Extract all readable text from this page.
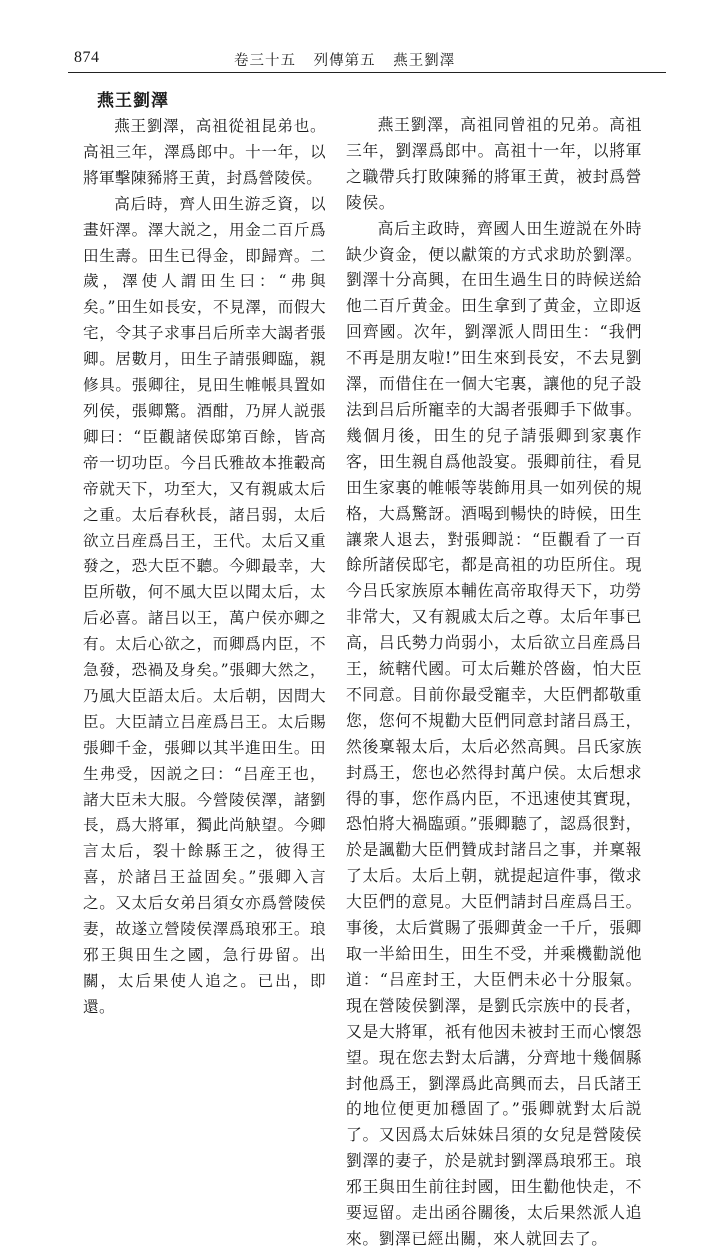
874	卷三十五 列傳第五 燕王劉澤
燕王劉澤

燕王劉澤，高祖從祖昆弟也。高祖三年，澤爲郎中。十一年，以將軍擊陳豨將王黄，封爲營陵侯。

高后時，齊人田生游乏資，以畫奸澤。澤大説之，用金二百斤爲田生壽。田生已得金，即歸齊。二歲，澤使人謂田生曰：“弗與矣。”田生如長安，不見澤，而假大宅，令其子求事吕后所幸大謁者張卿。居數月，田生子請張卿臨，親修具。張卿往，見田生帷帳具置如列侯，張卿驚。酒酣，乃屏人説張卿曰：“臣觀諸侯邸第百餘，皆高帝一切功臣。今吕氏雅故本推轂高帝就天下，功至大，又有親戚太后之重。太后春秋長，諸吕弱，太后欲立吕産爲吕王，王代。太后又重發之，恐大臣不聽。今卿最幸，大臣所敬，何不風大臣以聞太后，太后必喜。諸吕以王，萬户侯亦卿之有。太后心欲之，而卿爲内臣，不急發，恐禍及身矣。”張卿大然之，乃風大臣語太后。太后朝，因問大臣。大臣請立吕産爲吕王。太后賜張卿千金，張卿以其半進田生。田生弗受，因説之曰：“吕産王也，諸大臣未大服。今營陵侯澤，諸劉長，爲大將軍，獨此尚觖望。今卿言太后，裂十餘縣王之，彼得王喜，於諸吕王益固矣。”張卿入言之。又太后女弟吕須女亦爲營陵侯妻，故遂立營陵侯澤爲琅邪王。琅邪王與田生之國，急行毋留。出關，太后果使人追之。已出，即還。

燕王劉澤，高祖同曾祖的兄弟。高祖三年，劉澤爲郎中。高祖十一年，以將軍之職帶兵打敗陳豨的將軍王黄，被封爲營陵侯。

高后主政時，齊國人田生遊説在外時缺少資金，便以獻策的方式求助於劉澤。劉澤十分高興，在田生過生日的時候送給他二百斤黄金。田生拿到了黄金，立即返回齊國。次年，劉澤派人問田生：“我們不再是朋友啦!”田生來到長安，不去見劉澤，而借住在一個大宅裏，讓他的兒子設法到吕后所寵幸的大謁者張卿手下做事。幾個月後，田生的兒子請張卿到家裏作客，田生親自爲他設宴。張卿前往，看見田生家裏的帷帳等裝飾用具一如列侯的規格，大爲驚訝。酒喝到暢快的時候，田生讓衆人退去，對張卿説：“臣觀看了一百餘所諸侯邸宅，都是高祖的功臣所住。現今吕氏家族原本輔佐高帝取得天下，功勞非常大，又有親戚太后之尊。太后年事已高，吕氏勢力尚弱小，太后欲立吕産爲吕王，統轄代國。可太后難於啓齒，怕大臣不同意。目前你最受寵幸，大臣們都敬重您，您何不規勸大臣們同意封諸吕爲王，然後稟報太后，太后必然高興。吕氏家族封爲王，您也必然得封萬户侯。太后想求得的事，您作爲内臣，不迅速使其實現，恐怕將大禍臨頭。”張卿聽了，認爲很對，於是諷勸大臣們贊成封諸吕之事，并稟報了太后。太后上朝，就提起這件事，徵求大臣們的意見。大臣們請封吕産爲吕王。事後，太后賞賜了張卿黄金一千斤，張卿取一半給田生，田生不受，并乘機勸説他道：“吕産封王，大臣們未必十分服氣。現在營陵侯劉澤，是劉氏宗族中的長者，又是大將軍，祇有他因未被封王而心懷怨望。現在您去對太后講，分齊地十幾個縣封他爲王，劉澤爲此高興而去，吕氏諸王的地位便更加穩固了。”張卿就對太后説了。又因爲太后妹妹吕須的女兒是營陵侯劉澤的妻子，於是就封劉澤爲琅邪王。琅邪王與田生前往封國，田生勸他快走，不要逗留。走出函谷關後，太后果然派人追來。劉澤已經出關，來人就回去了。
